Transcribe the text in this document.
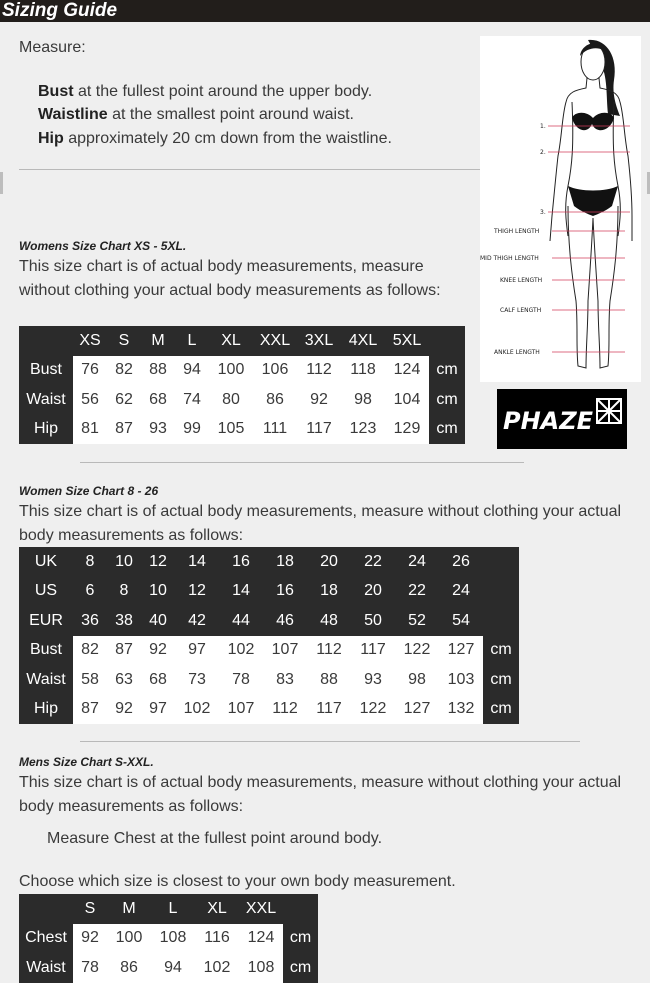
Sizing Guide
Measure:
Bust at the fullest point around the upper body.
Waistline at the smallest point around waist.
Hip approximately 20 cm down from the waistline.
1.
2.
3.
THIGH LENGTH
MID THIGH LENGTH
KNEE LENGTH
CALF LENGTH
ANKLE LENGTH
PHAZE
Womens Size Chart XS - 5XL.
This size chart is of actual body measurements, measure without clothing your actual body measurements as follows:
	XS	S	M	L	XL	XXL	3XL	4XL	5XL	
Bust	76	82	88	94	100	106	112	118	124	cm
Waist	56	62	68	74	80	86	92	98	104	cm
Hip	81	87	93	99	105	111	117	123	129	cm
Women Size Chart 8 - 26
This size chart is of actual body measurements, measure without clothing your actual body measurements as follows:
UK	8	10	12	14	16	18	20	22	24	26	
US	6	8	10	12	14	16	18	20	22	24	
EUR	36	38	40	42	44	46	48	50	52	54	
Bust	82	87	92	97	102	107	112	117	122	127	cm
Waist	58	63	68	73	78	83	88	93	98	103	cm
Hip	87	92	97	102	107	112	117	122	127	132	cm
Mens Size Chart S-XXL.
This size chart is of actual body measurements, measure without clothing your actual body measurements as follows:
Measure Chest at the fullest point around body.
Choose which size is closest to your own body measurement.
	S	M	L	XL	XXL	
Chest	92	100	108	116	124	cm
Waist	78	86	94	102	108	cm
